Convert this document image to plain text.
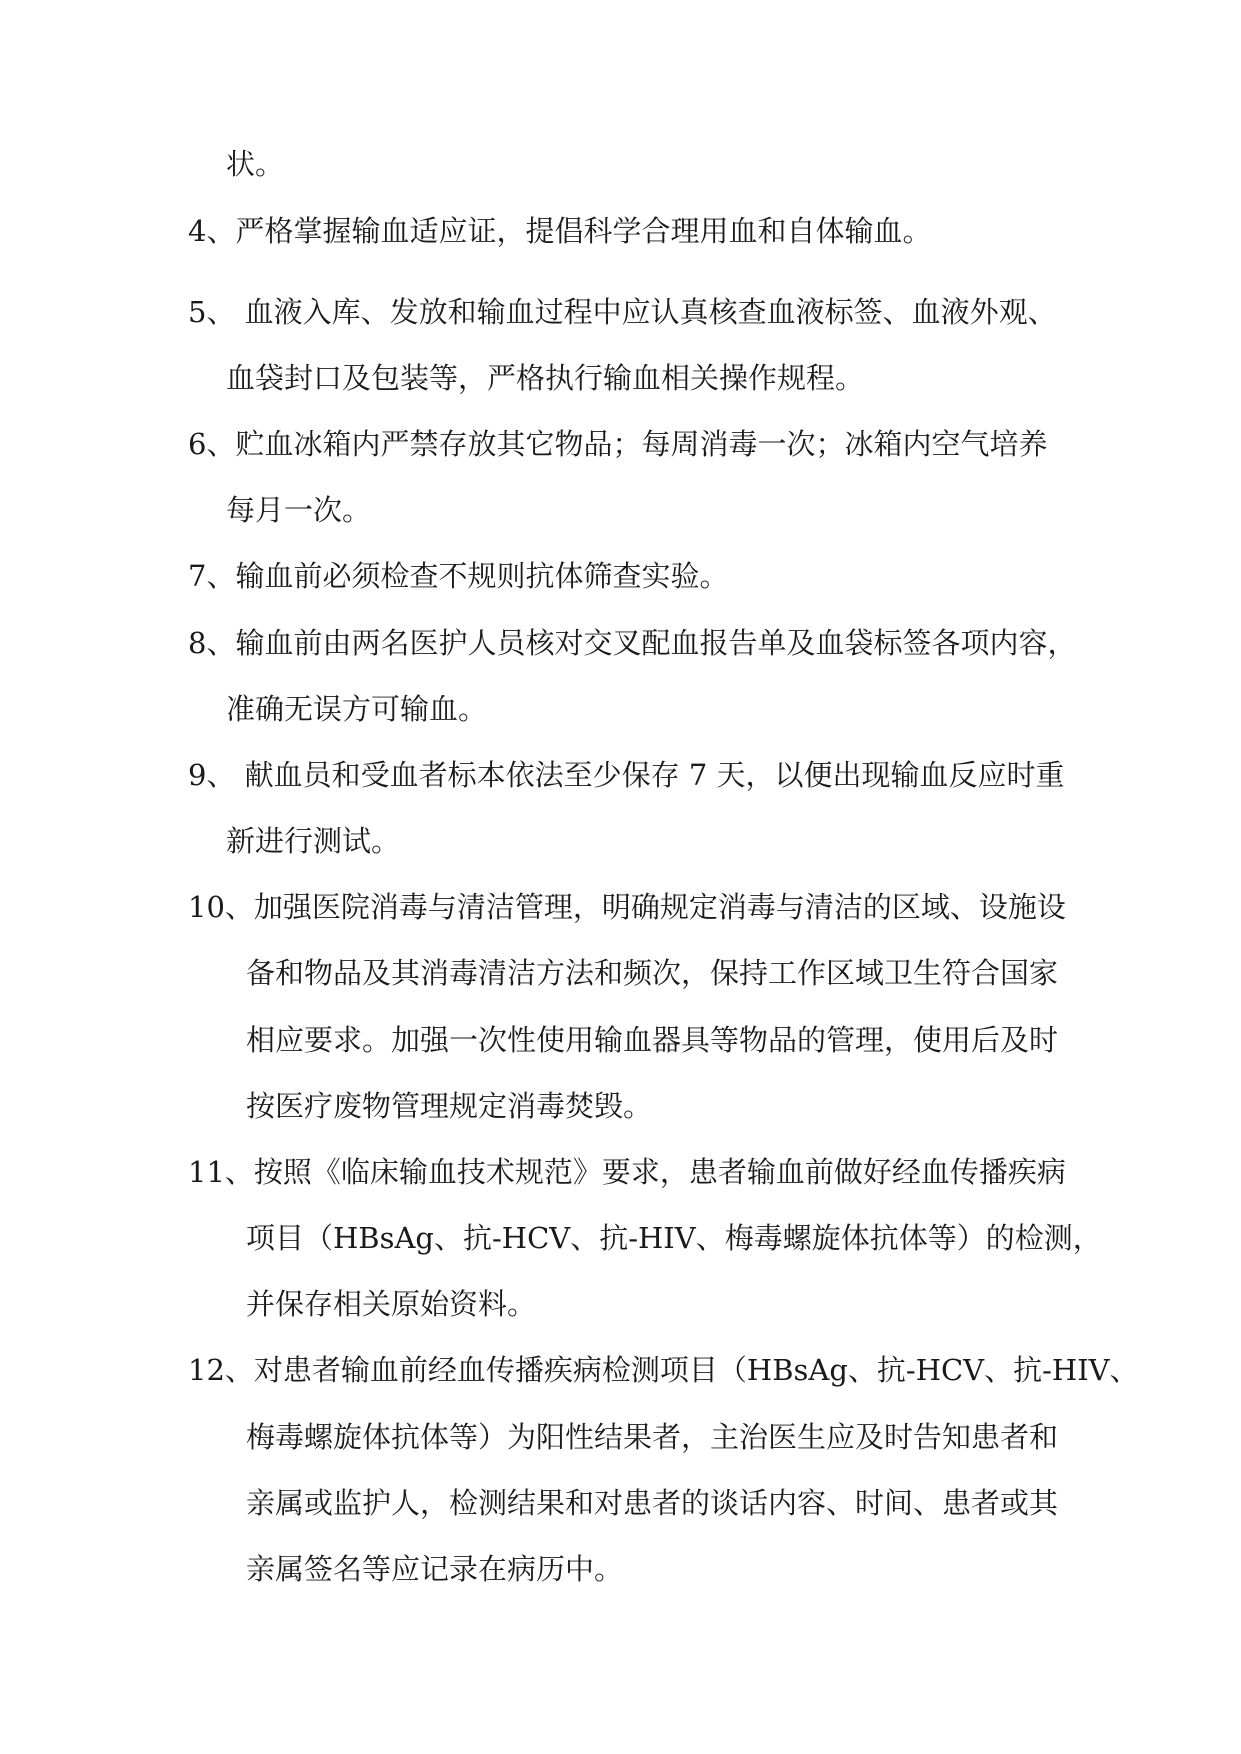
状。
4、严格掌握输血适应证，提倡科学合理用血和自体输血。
5、 血液入库、发放和输血过程中应认真核查血液标签、血液外观、
血袋封口及包装等，严格执行输血相关操作规程。
6、贮血冰箱内严禁存放其它物品；每周消毒一次；冰箱内空气培养
每月一次。
7、输血前必须检查不规则抗体筛查实验。
8、输血前由两名医护人员核对交叉配血报告单及血袋标签各项内容，
准确无误方可输血。
9、 献血员和受血者标本依法至少保存 7 天，以便出现输血反应时重
新进行测试。
10、加强医院消毒与清洁管理，明确规定消毒与清洁的区域、设施设
备和物品及其消毒清洁方法和频次，保持工作区域卫生符合国家
相应要求。加强一次性使用输血器具等物品的管理，使用后及时
按医疗废物管理规定消毒焚毁。
11、按照《临床输血技术规范》要求，患者输血前做好经血传播疾病
项目（HBsAg、抗-HCV、抗-HIV、梅毒螺旋体抗体等）的检测，
并保存相关原始资料。
12、对患者输血前经血传播疾病检测项目（HBsAg、抗-HCV、抗-HIV、
梅毒螺旋体抗体等）为阳性结果者，主治医生应及时告知患者和
亲属或监护人，检测结果和对患者的谈话内容、时间、患者或其
亲属签名等应记录在病历中。
